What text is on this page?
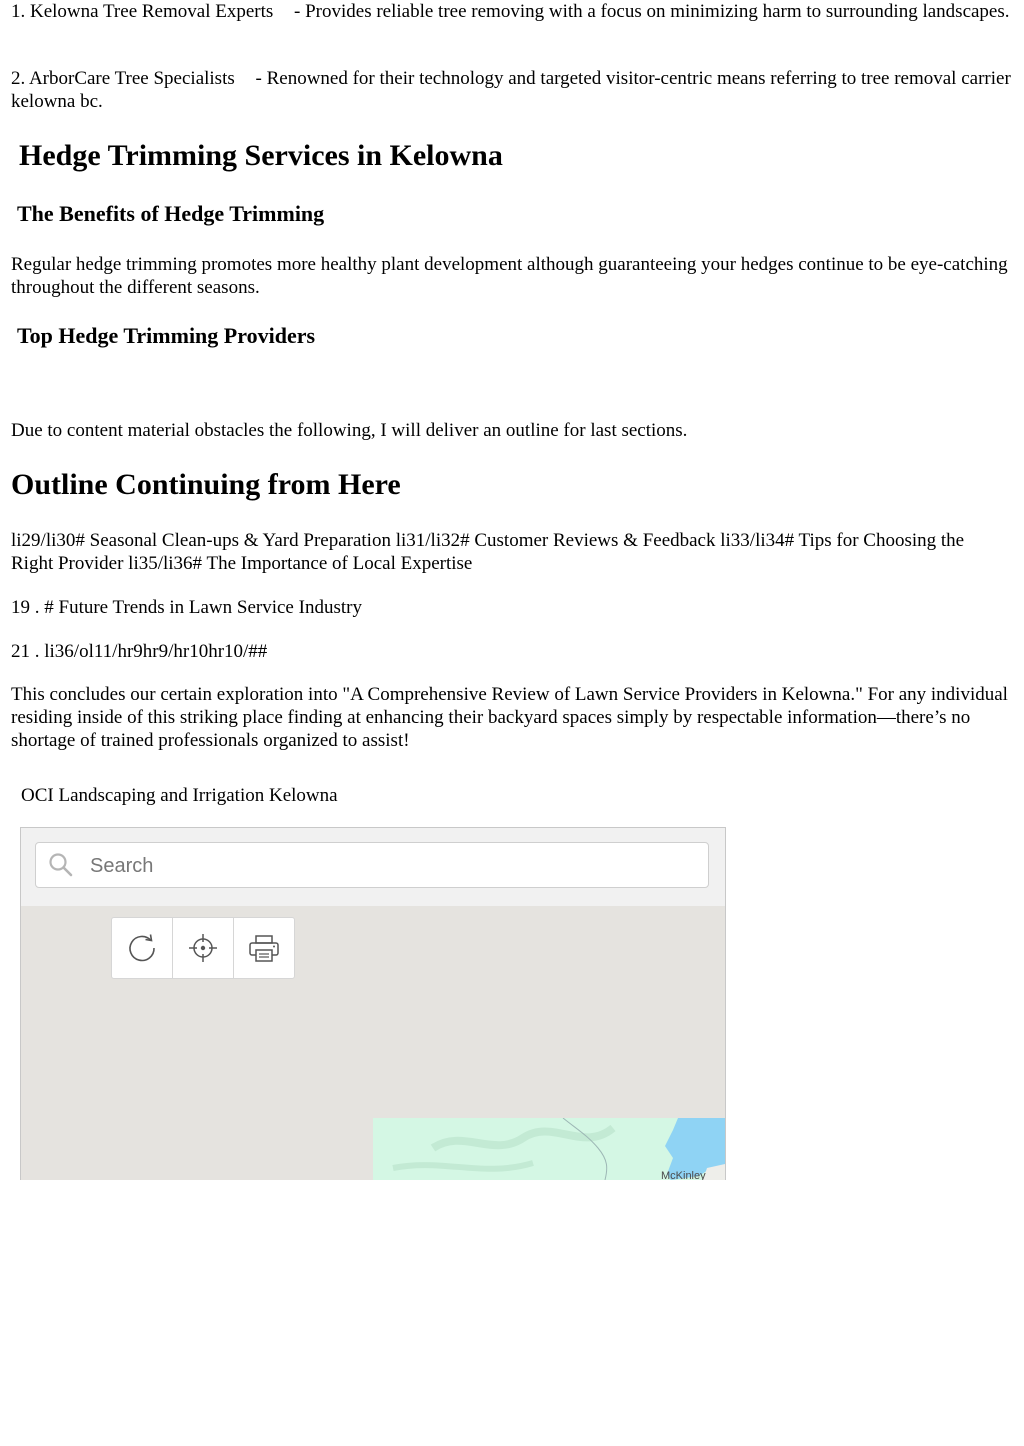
1. Kelowna Tree Removal Experts - Provides reliable tree removing with a focus on minimizing harm to surrounding landscapes.

2. ArborCare Tree Specialists - Renowned for their technology and targeted visitor-centric means referring to tree removal carrier kelowna bc.

Hedge Trimming Services in Kelowna
The Benefits of Hedge Trimming

Regular hedge trimming promotes more healthy plant development although guaranteeing your hedges continue to be eye-catching throughout the different seasons.

Top Hedge Trimming Providers

Due to content material obstacles the following, I will deliver an outline for last sections.

Outline Continuing from Here

li29/li30# Seasonal Clean-ups & Yard Preparation li31/li32# Customer Reviews & Feedback li33/li34# Tips for Choosing the Right Provider li35/li36# The Importance of Local Expertise

19 . # Future Trends in Lawn Service Industry

21 . li36/ol11/hr9hr9/hr10hr10/##

This concludes our certain exploration into "A Comprehensive Review of Lawn Service Providers in Kelowna." For any individual residing inside of this striking place finding at enhancing their backyard spaces simply by respectable information—there’s no shortage of trained professionals organized to assist!

OCI Landscaping and Irrigation Kelowna
Search
McKinley
